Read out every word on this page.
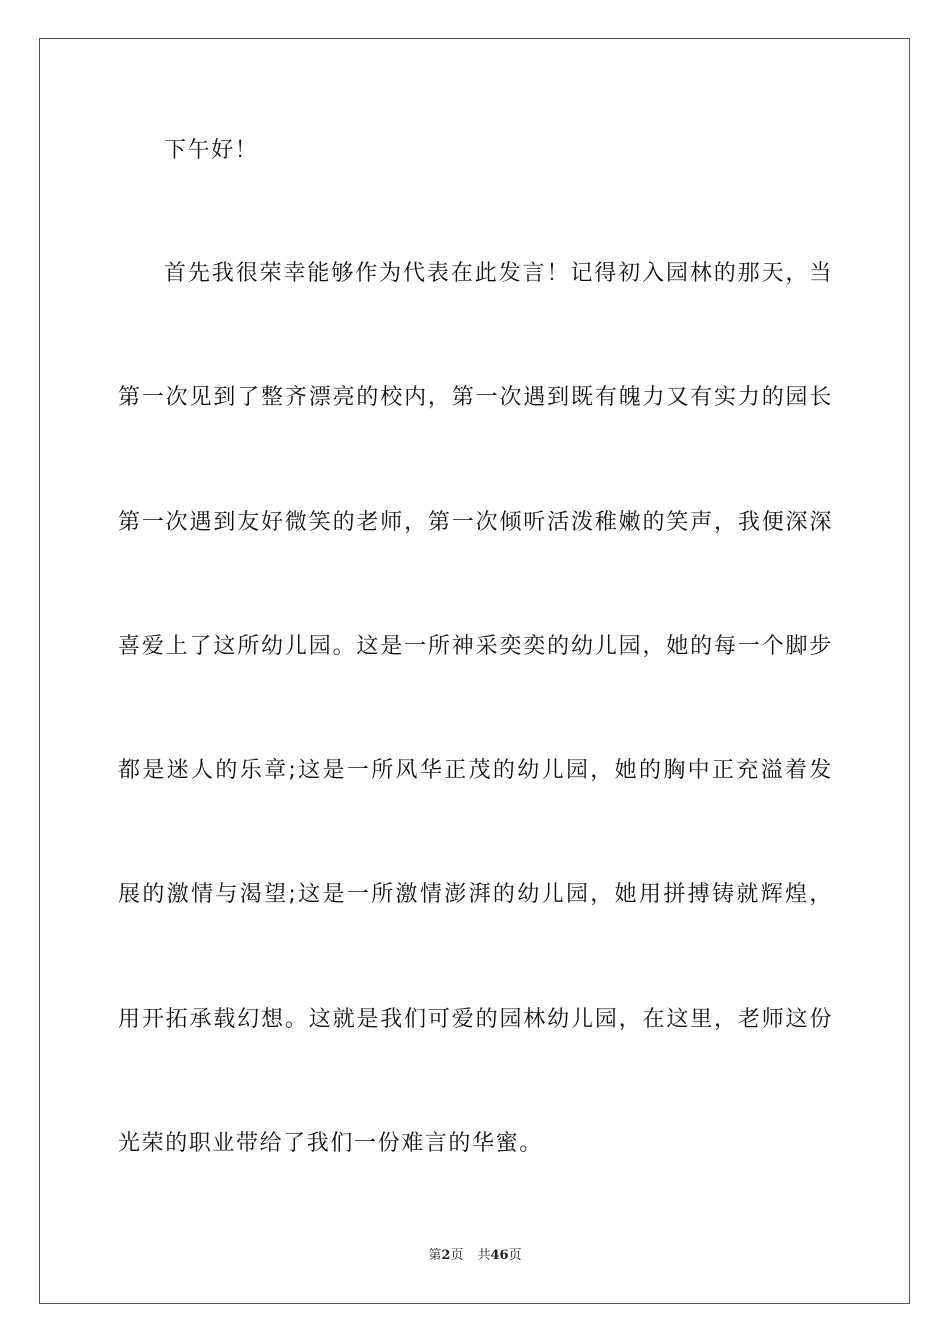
下午好！
首先我很荣幸能够作为代表在此发言！记得初入园林的那天，当
第一次见到了整齐漂亮的校内，第一次遇到既有魄力又有实力的园长
第一次遇到友好微笑的老师，第一次倾听活泼稚嫩的笑声，我便深深
喜爱上了这所幼儿园。这是一所神采奕奕的幼儿园，她的每一个脚步
都是迷人的乐章;这是一所风华正茂的幼儿园，她的胸中正充溢着发
展的激情与渴望;这是一所激情澎湃的幼儿园，她用拼搏铸就辉煌，
用开拓承载幻想。这就是我们可爱的园林幼儿园，在这里，老师这份
光荣的职业带给了我们一份难言的华蜜。
第2页 共46页
